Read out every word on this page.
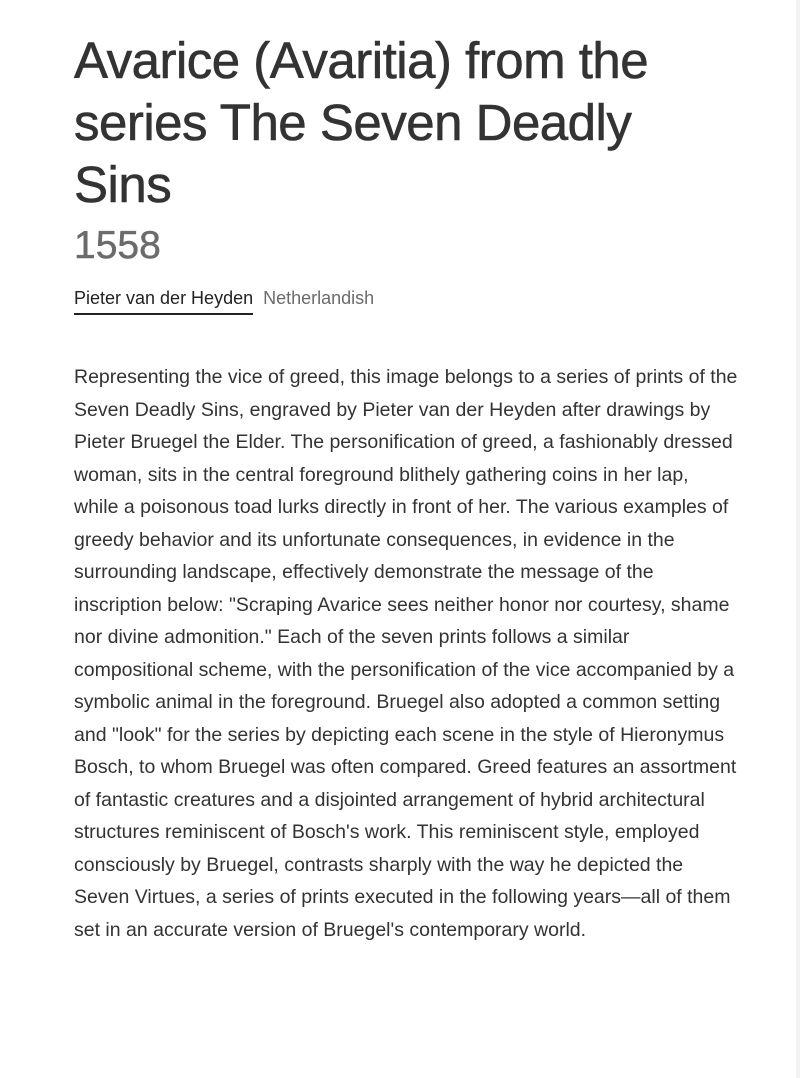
Avarice (Avaritia) from the series The Seven Deadly Sins
1558
Pieter van der Heyden Netherlandish
Representing the vice of greed, this image belongs to a series of prints of the Seven Deadly Sins, engraved by Pieter van der Heyden after drawings by Pieter Bruegel the Elder. The personification of greed, a fashionably dressed woman, sits in the central foreground blithely gathering coins in her lap, while a poisonous toad lurks directly in front of her. The various examples of greedy behavior and its unfortunate consequences, in evidence in the surrounding landscape, effectively demonstrate the message of the inscription below: "Scraping Avarice sees neither honor nor courtesy, shame nor divine admonition." Each of the seven prints follows a similar compositional scheme, with the personification of the vice accompanied by a symbolic animal in the foreground. Bruegel also adopted a common setting and "look" for the series by depicting each scene in the style of Hieronymus Bosch, to whom Bruegel was often compared. Greed features an assortment of fantastic creatures and a disjointed arrangement of hybrid architectural structures reminiscent of Bosch's work. This reminiscent style, employed consciously by Bruegel, contrasts sharply with the way he depicted the Seven Virtues, a series of prints executed in the following years—all of them set in an accurate version of Bruegel's contemporary world.
